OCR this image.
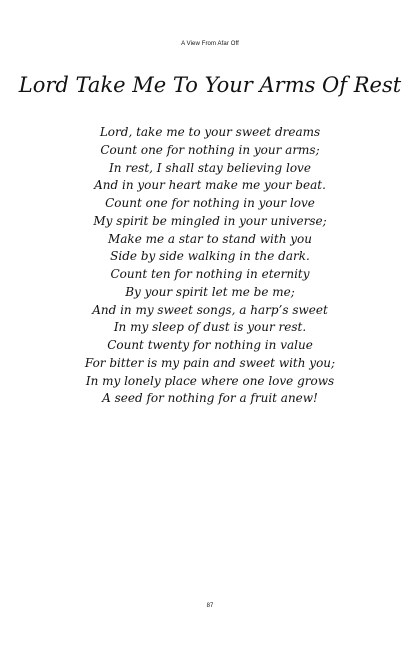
A View From Afar Off
Lord Take Me To Your Arms Of Rest
Lord, take me to your sweet dreams
Count one for nothing in your arms;
In rest, I shall stay believing love
And in your heart make me your beat.
Count one for nothing in your love
My spirit be mingled in your universe;
Make me a star to stand with you
Side by side walking in the dark.
Count ten for nothing in eternity
By your spirit let me be me;
And in my sweet songs, a harp’s sweet
In my sleep of dust is your rest.
Count twenty for nothing in value
For bitter is my pain and sweet with you;
In my lonely place where one love grows
A seed for nothing for a fruit anew!
87
